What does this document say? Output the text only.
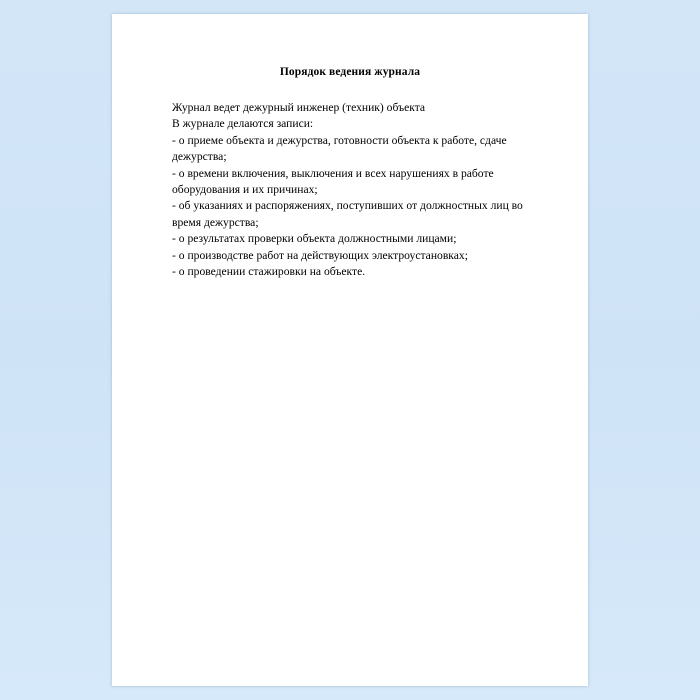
Порядок ведения журнала

Журнал ведет дежурный инженер (техник) объекта

В журнале делаются записи:

- о приеме объекта и дежурства, готовности объекта к работе, сдаче дежурства;

- о времени включения, выключения и всех нарушениях в работе оборудования и их причинах;

- об указаниях и распоряжениях, поступивших от должностных лиц во время дежурства;

- о результатах проверки объекта должностными лицами;

- о производстве работ на действующих электроустановках;

- о проведении стажировки на объекте.
